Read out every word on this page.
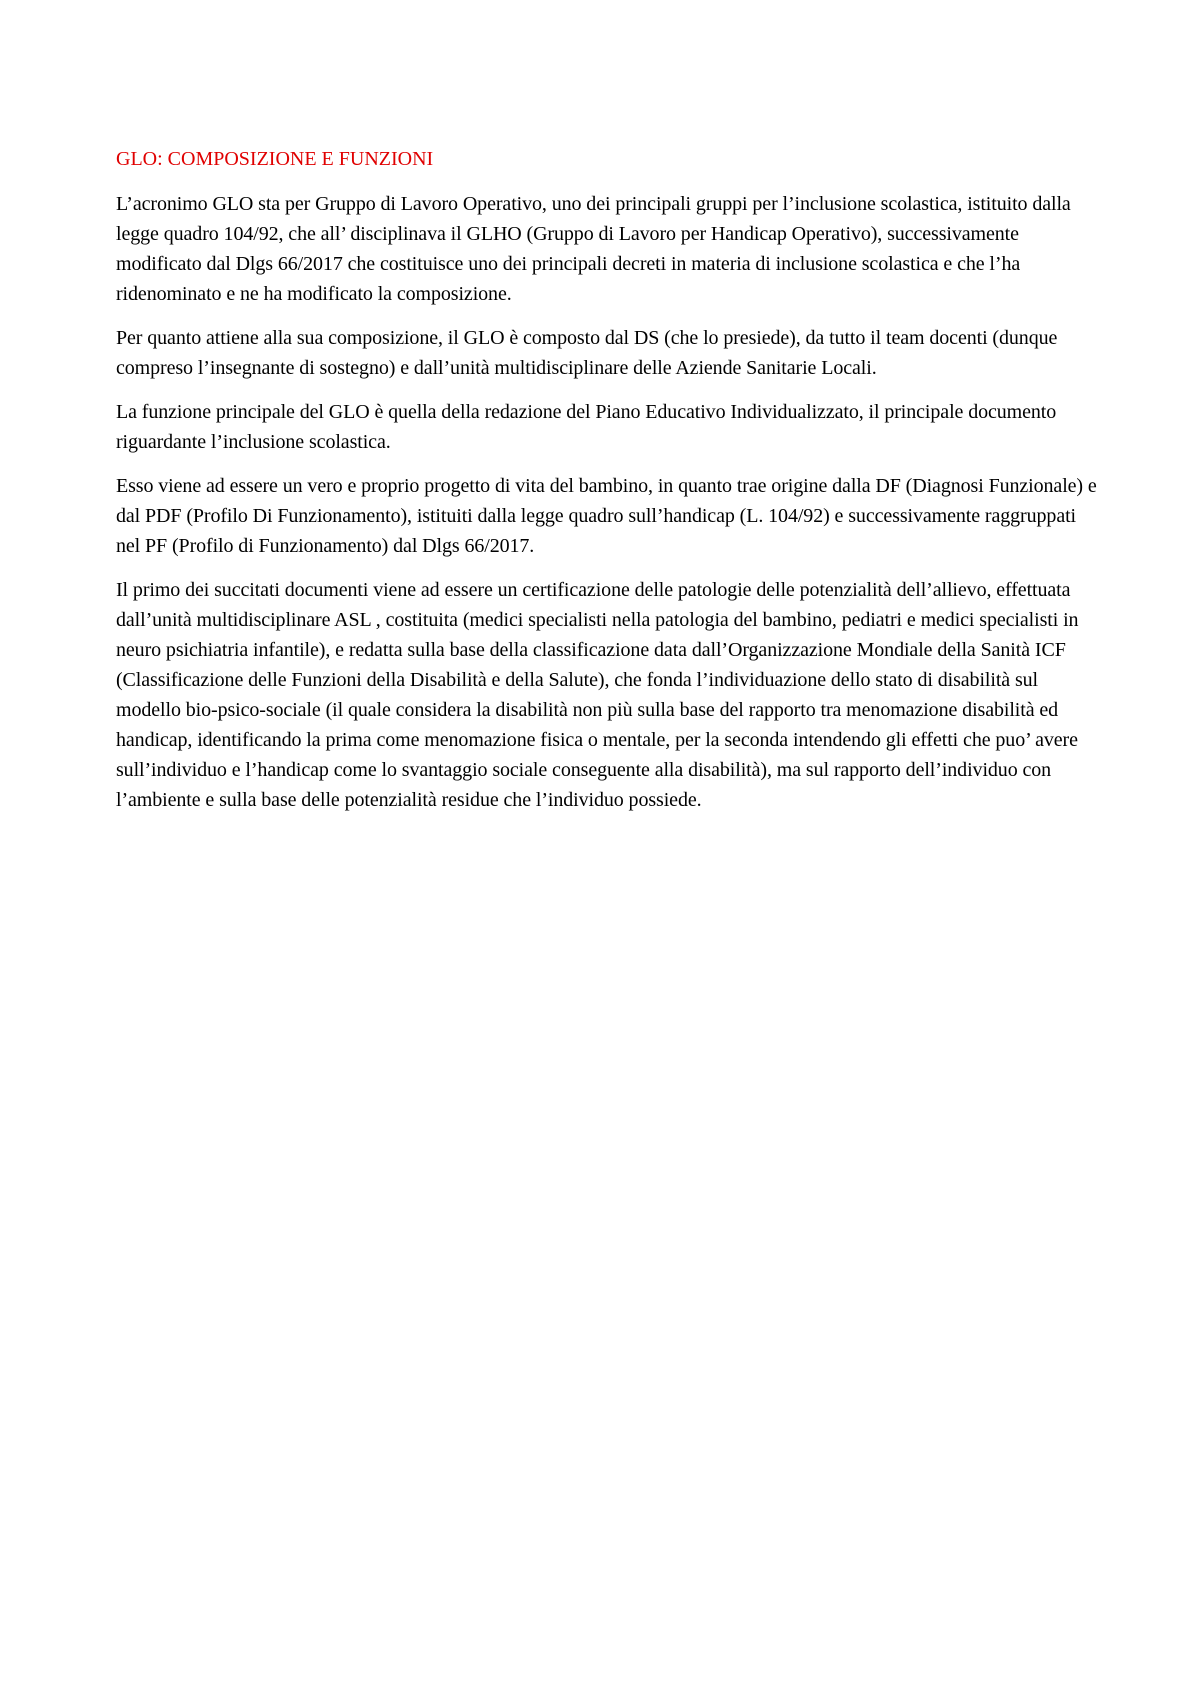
GLO: COMPOSIZIONE E FUNZIONI

L’acronimo GLO sta per Gruppo di Lavoro Operativo, uno dei principali gruppi per l’inclusione scolastica, istituito dalla legge quadro 104/92, che all’ disciplinava il GLHO (Gruppo di Lavoro per Handicap Operativo), successivamente modificato dal Dlgs 66/2017 che costituisce uno dei principali decreti in materia di inclusione scolastica e che l’ha ridenominato e ne ha modificato la composizione.

Per quanto attiene alla sua composizione, il GLO è composto dal DS (che lo presiede), da tutto il team docenti (dunque compreso l’insegnante di sostegno) e dall’unità multidisciplinare delle Aziende Sanitarie Locali.

La funzione principale del GLO è quella della redazione del Piano Educativo Individualizzato, il principale documento riguardante l’inclusione scolastica.

Esso viene ad essere un vero e proprio progetto di vita del bambino, in quanto trae origine dalla DF (Diagnosi Funzionale) e dal PDF (Profilo Di Funzionamento), istituiti dalla legge quadro sull’handicap (L. 104/92) e successivamente raggruppati nel PF (Profilo di Funzionamento) dal Dlgs 66/2017.

Il primo dei succitati documenti viene ad essere un certificazione delle patologie delle potenzialità dell’allievo, effettuata dall’unità multidisciplinare ASL , costituita (medici specialisti nella patologia del bambino, pediatri e medici specialisti in neuro psichiatria infantile), e redatta sulla base della classificazione data dall’Organizzazione Mondiale della Sanità ICF (Classificazione delle Funzioni della Disabilità e della Salute), che fonda l’individuazione dello stato di disabilità sul modello bio-psico-sociale (il quale considera la disabilità non più sulla base del rapporto tra menomazione disabilità ed handicap, identificando la prima come menomazione fisica o mentale, per la seconda intendendo gli effetti che puo’ avere sull’individuo e l’handicap come lo svantaggio sociale conseguente alla disabilità), ma sul rapporto dell’individuo con l’ambiente e sulla base delle potenzialità residue che l’individuo possiede.
